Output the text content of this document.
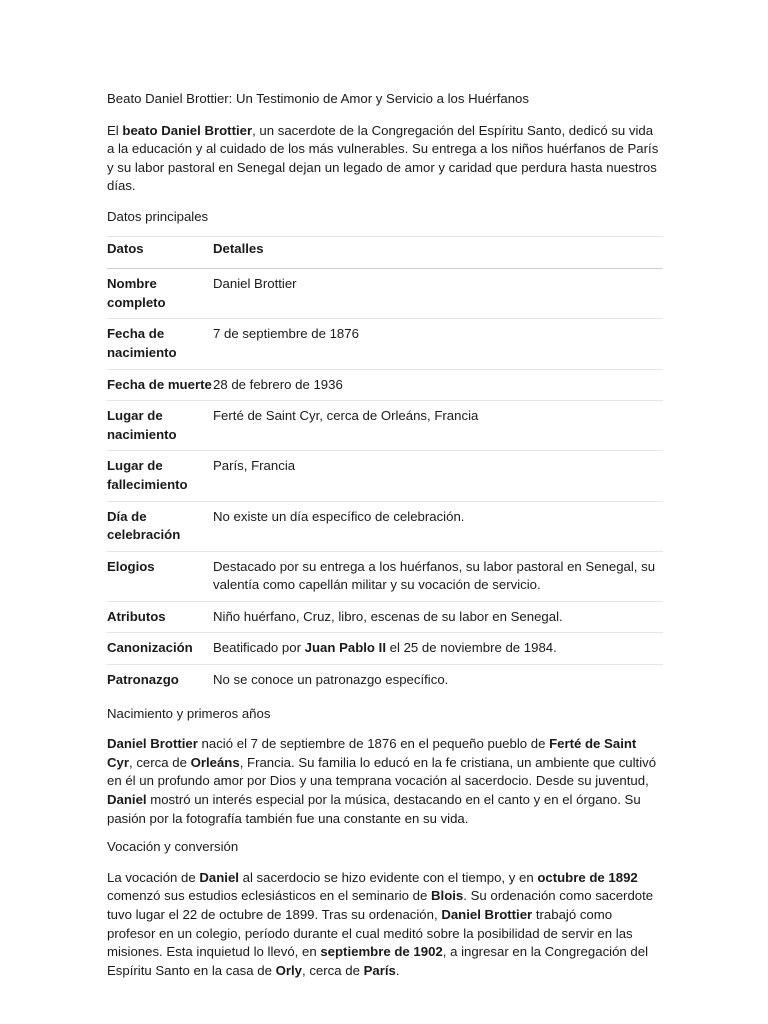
Beato Daniel Brottier: Un Testimonio de Amor y Servicio a los Huérfanos

El beato Daniel Brottier, un sacerdote de la Congregación del Espíritu Santo, dedicó su vida a la educación y al cuidado de los más vulnerables. Su entrega a los niños huérfanos de París y su labor pastoral en Senegal dejan un legado de amor y caridad que perdura hasta nuestros días.

Datos principales

Datos	Detalles
Nombre completo	Daniel Brottier
Fecha de nacimiento	7 de septiembre de 1876
Fecha de muerte	28 de febrero de 1936
Lugar de nacimiento	Ferté de Saint Cyr, cerca de Orleáns, Francia
Lugar de fallecimiento	París, Francia
Día de celebración	No existe un día específico de celebración.
Elogios	Destacado por su entrega a los huérfanos, su labor pastoral en Senegal, su valentía como capellán militar y su vocación de servicio.
Atributos	Niño huérfano, Cruz, libro, escenas de su labor en Senegal.
Canonización	Beatificado por Juan Pablo II el 25 de noviembre de 1984.
Patronazgo	No se conoce un patronazgo específico.

Nacimiento y primeros años

Daniel Brottier nació el 7 de septiembre de 1876 en el pequeño pueblo de Ferté de Saint Cyr, cerca de Orleáns, Francia. Su familia lo educó en la fe cristiana, un ambiente que cultivó en él un profundo amor por Dios y una temprana vocación al sacerdocio. Desde su juventud, Daniel mostró un interés especial por la música, destacando en el canto y en el órgano. Su pasión por la fotografía también fue una constante en su vida.

Vocación y conversión

La vocación de Daniel al sacerdocio se hizo evidente con el tiempo, y en octubre de 1892 comenzó sus estudios eclesiásticos en el seminario de Blois. Su ordenación como sacerdote tuvo lugar el 22 de octubre de 1899. Tras su ordenación, Daniel Brottier trabajó como profesor en un colegio, período durante el cual meditó sobre la posibilidad de servir en las misiones. Esta inquietud lo llevó, en septiembre de 1902, a ingresar en la Congregación del Espíritu Santo en la casa de Orly, cerca de París.
